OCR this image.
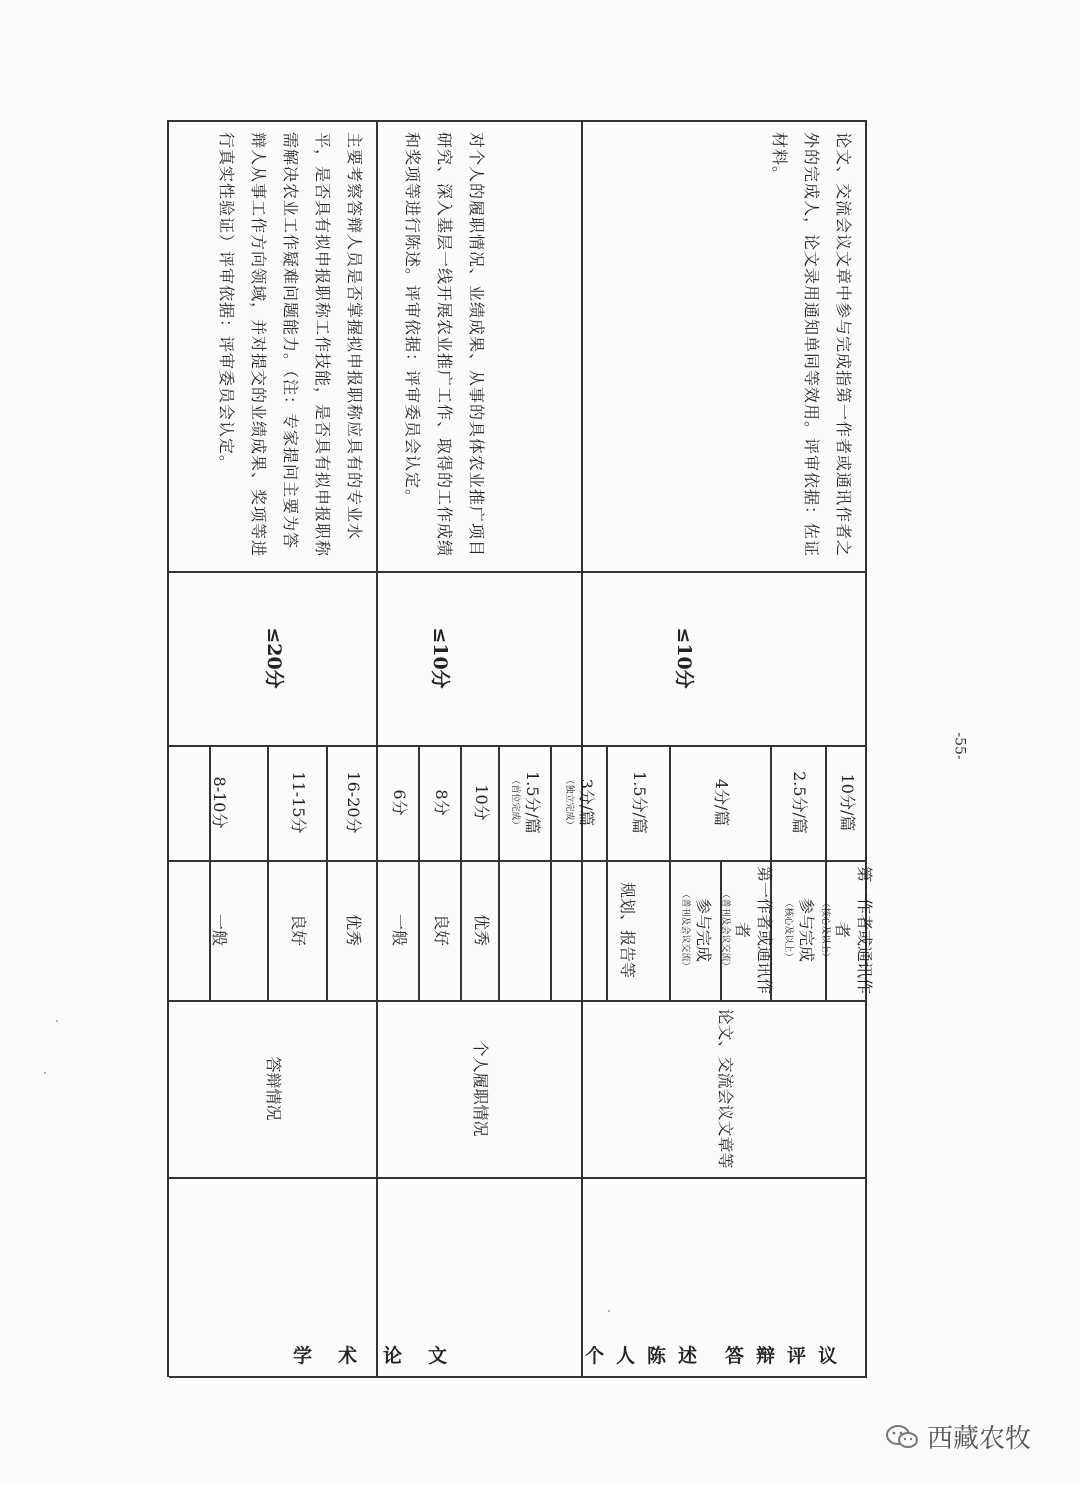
论文、交流会议文章等
个人履职情况
答辩情况
第一作者或通讯作者
（核心及以上）
参与完成
（核心及以上）
第一作者或通讯作者
（普刊及会议交流）
参与完成
（普刊及会议交流）
规划、报告等
10分/篇
2.5分/篇
4分/篇
1.5分/篇
3分/篇
（独立完成）
1.5分/篇
（首位完成）
优秀
10分
良好
8分
一般
6分
优秀
16-20分
良好
11-15分
一般
8-10分
≤10分
≤10分
≤20分
论文、交流会议文章中参与完成指第一作者或通讯作者之外的完成人，论文录用通知单同等效用。评审依据：佐证材料。
对个人的履职情况、业绩成果、从事的具体农业推广项目研究、深入基层一线开展农业推广工作、取得的工作成绩和奖项等进行陈述。评审依据：评审委员会认定。
主要考察答辩人员是否掌握拟申报职称应具有的专业水平，是否具有拟申报职称工作技能，是否具有拟申报职称需解决农业工作疑难问题能力。（注：专家提问主要为答辩人从事工作方向领域，并对提交的业绩成果、奖项等进行真实性验证）评审依据：评审委员会认定。
学 术 论 文	个 人 陈 述 答 辩 评 议
-55-
西藏农牧
